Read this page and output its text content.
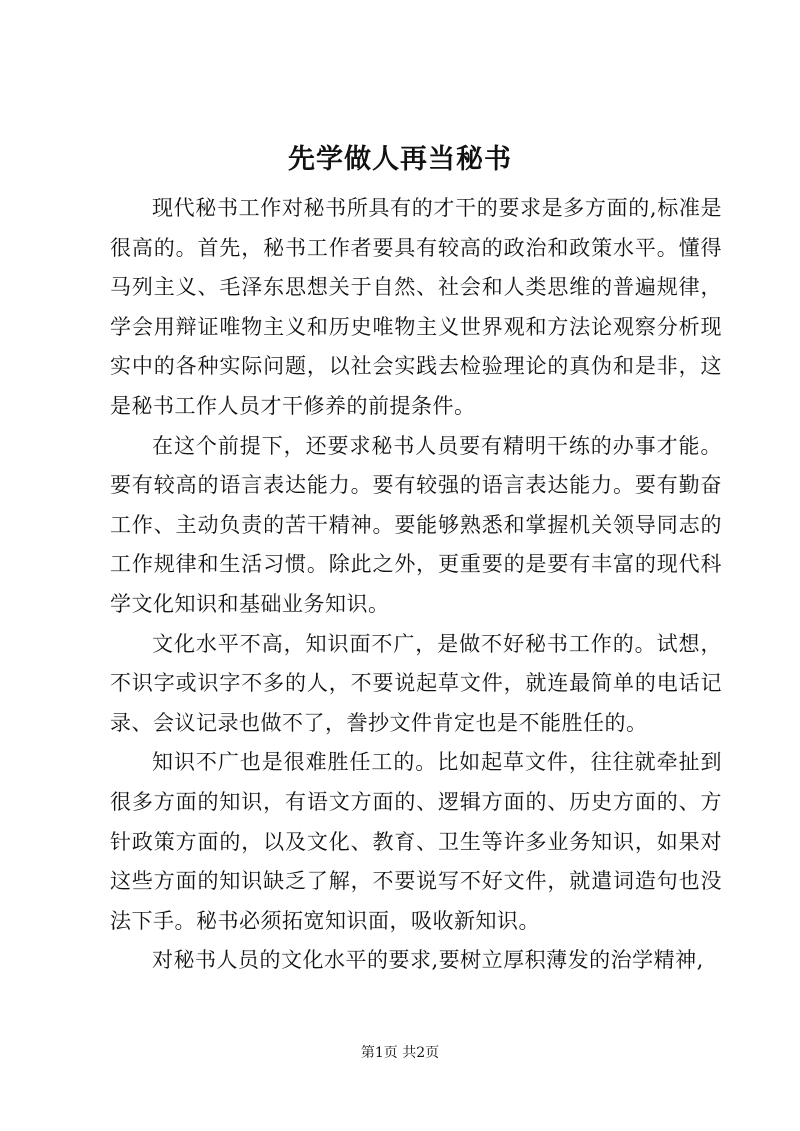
先学做人再当秘书

现代秘书工作对秘书所具有的才干的要求是多方面的,标准是很高的。首先，秘书工作者要具有较高的政治和政策水平。懂得马列主义、毛泽东思想关于自然、社会和人类思维的普遍规律，学会用辩证唯物主义和历史唯物主义世界观和方法论观察分析现实中的各种实际问题，以社会实践去检验理论的真伪和是非，这是秘书工作人员才干修养的前提条件。

在这个前提下，还要求秘书人员要有精明干练的办事才能。要有较高的语言表达能力。要有较强的语言表达能力。要有勤奋工作、主动负责的苦干精神。要能够熟悉和掌握机关领导同志的工作规律和生活习惯。除此之外，更重要的是要有丰富的现代科学文化知识和基础业务知识。

文化水平不高，知识面不广，是做不好秘书工作的。试想，不识字或识字不多的人，不要说起草文件，就连最简单的电话记录、会议记录也做不了，誊抄文件肯定也是不能胜任的。

知识不广也是很难胜任工的。比如起草文件，往往就牵扯到很多方面的知识，有语文方面的、逻辑方面的、历史方面的、方针政策方面的，以及文化、教育、卫生等许多业务知识，如果对这些方面的知识缺乏了解，不要说写不好文件，就遣词造句也没法下手。秘书必须拓宽知识面，吸收新知识。

对秘书人员的文化水平的要求,要树立厚积薄发的治学精神,

第1页 共2页
